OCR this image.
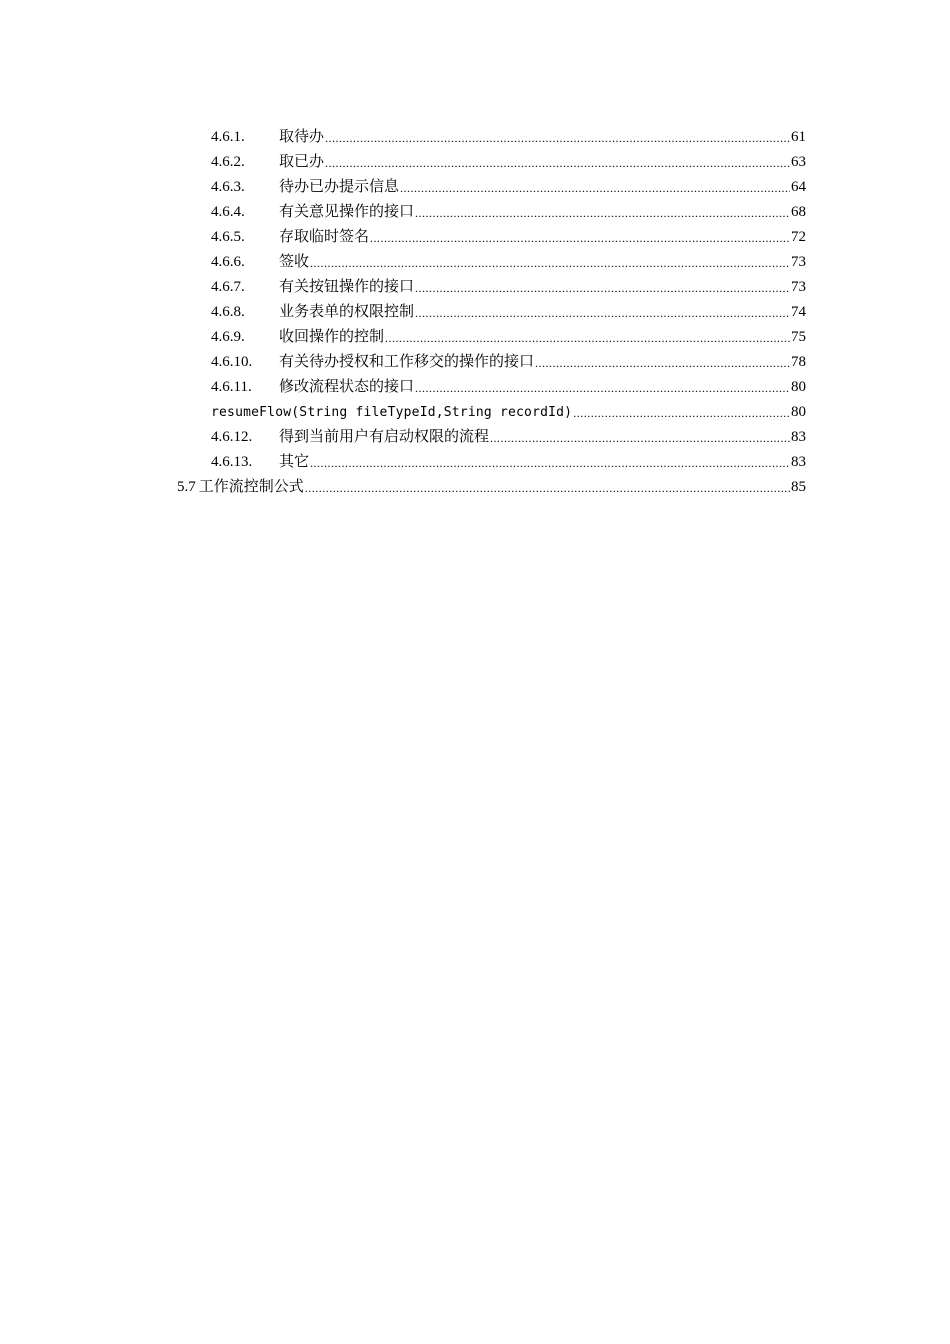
4.6.1.	取待办 .....	61
4.6.2.	取已办 .....	63
4.6.3.	待办已办提示信息 .....	64
4.6.4.	有关意见操作的接口 .....	68
4.6.5.	存取临时签名 .....	72
4.6.6.	签收 .....	73
4.6.7.	有关按钮操作的接口 .....	73
4.6.8.	业务表单的权限控制 .....	74
4.6.9.	收回操作的控制 .....	75
4.6.10.	有关待办授权和工作移交的操作的接口 .....	78
4.6.11.	修改流程状态的接口 .....	80
resumeFlow(String fileTypeId,String recordId) .....	80
4.6.12.	得到当前用户有启动权限的流程 .....	83
4.6.13.	其它 .....	83
5.7 工作流控制公式 .....	85
